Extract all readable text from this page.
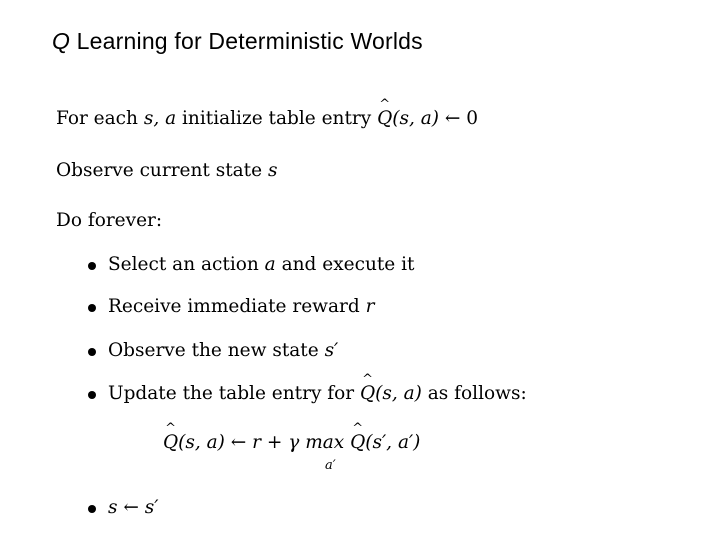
Q Learning for Deterministic Worlds
For each s, a initialize table entry ^ Q(s, a) ← 0
Observe current state s
Do forever:
Select an action a and execute it
Receive immediate reward r
Observe the new state s′
Update the table entry for ^ Q(s, a) as follows:
^ Q(s, a) ← r + γ max ^ Q(s′, a′)
a′
s ← s′
